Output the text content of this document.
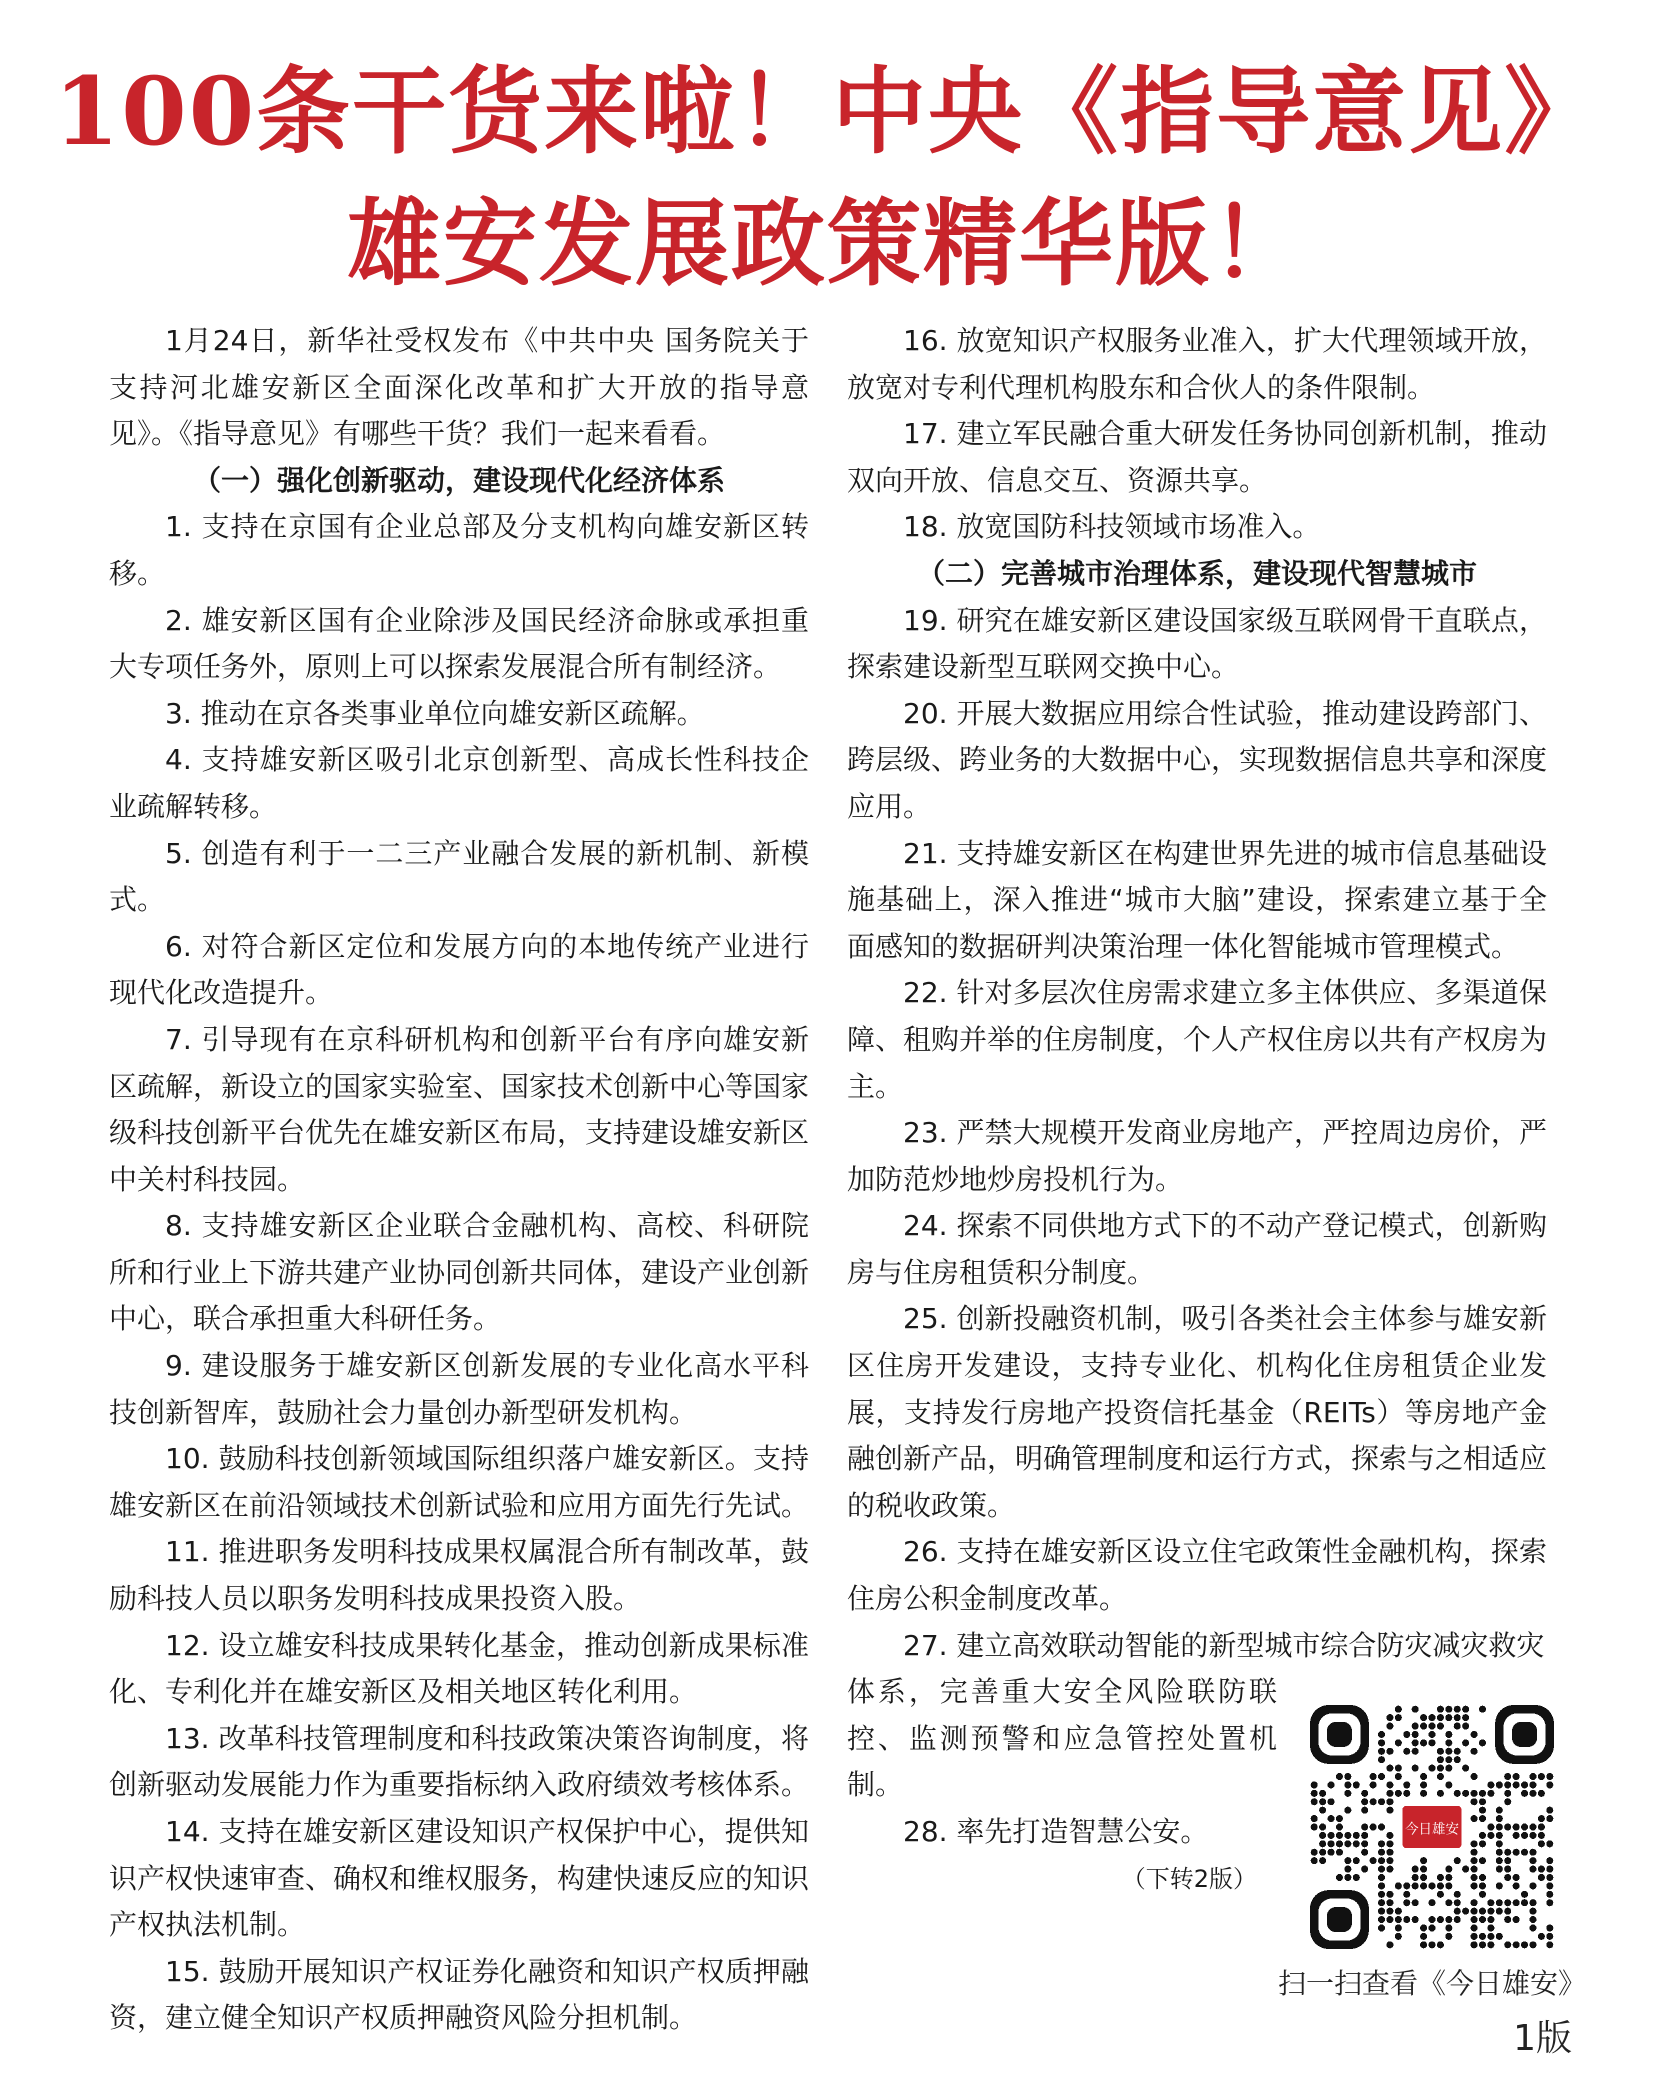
100条干货来啦！中央《指导意见》
雄安发展政策精华版！

1月24日，新华社受权发布《中共中央 国务院关于支持河北雄安新区全面深化改革和扩大开放的指导意见》。《指导意见》有哪些干货？我们一起来看看。

（一）强化创新驱动，建设现代化经济体系

1. 支持在京国有企业总部及分支机构向雄安新区转移。

2. 雄安新区国有企业除涉及国民经济命脉或承担重大专项任务外，原则上可以探索发展混合所有制经济。

3. 推动在京各类事业单位向雄安新区疏解。

4. 支持雄安新区吸引北京创新型、高成长性科技企业疏解转移。

5. 创造有利于一二三产业融合发展的新机制、新模式。

6. 对符合新区定位和发展方向的本地传统产业进行现代化改造提升。

7. 引导现有在京科研机构和创新平台有序向雄安新区疏解，新设立的国家实验室、国家技术创新中心等国家级科技创新平台优先在雄安新区布局，支持建设雄安新区中关村科技园。

8. 支持雄安新区企业联合金融机构、高校、科研院所和行业上下游共建产业协同创新共同体，建设产业创新中心，联合承担重大科研任务。

9. 建设服务于雄安新区创新发展的专业化高水平科技创新智库，鼓励社会力量创办新型研发机构。

10. 鼓励科技创新领域国际组织落户雄安新区。支持雄安新区在前沿领域技术创新试验和应用方面先行先试。

11. 推进职务发明科技成果权属混合所有制改革，鼓励科技人员以职务发明科技成果投资入股。

12. 设立雄安科技成果转化基金，推动创新成果标准化、专利化并在雄安新区及相关地区转化利用。

13. 改革科技管理制度和科技政策决策咨询制度，将创新驱动发展能力作为重要指标纳入政府绩效考核体系。

14. 支持在雄安新区建设知识产权保护中心，提供知识产权快速审查、确权和维权服务，构建快速反应的知识产权执法机制。

15. 鼓励开展知识产权证券化融资和知识产权质押融资，建立健全知识产权质押融资风险分担机制。

16. 放宽知识产权服务业准入，扩大代理领域开放，放宽对专利代理机构股东和合伙人的条件限制。

17. 建立军民融合重大研发任务协同创新机制，推动双向开放、信息交互、资源共享。

18. 放宽国防科技领域市场准入。

（二）完善城市治理体系，建设现代智慧城市

19. 研究在雄安新区建设国家级互联网骨干直联点，探索建设新型互联网交换中心。

20. 开展大数据应用综合性试验，推动建设跨部门、跨层级、跨业务的大数据中心，实现数据信息共享和深度应用。

21. 支持雄安新区在构建世界先进的城市信息基础设施基础上，深入推进“城市大脑”建设，探索建立基于全面感知的数据研判决策治理一体化智能城市管理模式。

22. 针对多层次住房需求建立多主体供应、多渠道保障、租购并举的住房制度，个人产权住房以共有产权房为主。

23. 严禁大规模开发商业房地产，严控周边房价，严加防范炒地炒房投机行为。

24. 探索不同供地方式下的不动产登记模式，创新购房与住房租赁积分制度。

25. 创新投融资机制，吸引各类社会主体参与雄安新区住房开发建设，支持专业化、机构化住房租赁企业发展，支持发行房地产投资信托基金（REITs）等房地产金融创新产品，明确管理制度和运行方式，探索与之相适应的税收政策。

26. 支持在雄安新区设立住宅政策性金融机构，探索住房公积金制度改革。

27. 建立高效联动智能的新型城市综合防灾减灾救灾

体系，完善重大安全风险联防联控、监测预警和应急管控处置机制。

28. 率先打造智慧公安。

（下转2版）

今日雄安
扫一扫查看《今日雄安》
1版
